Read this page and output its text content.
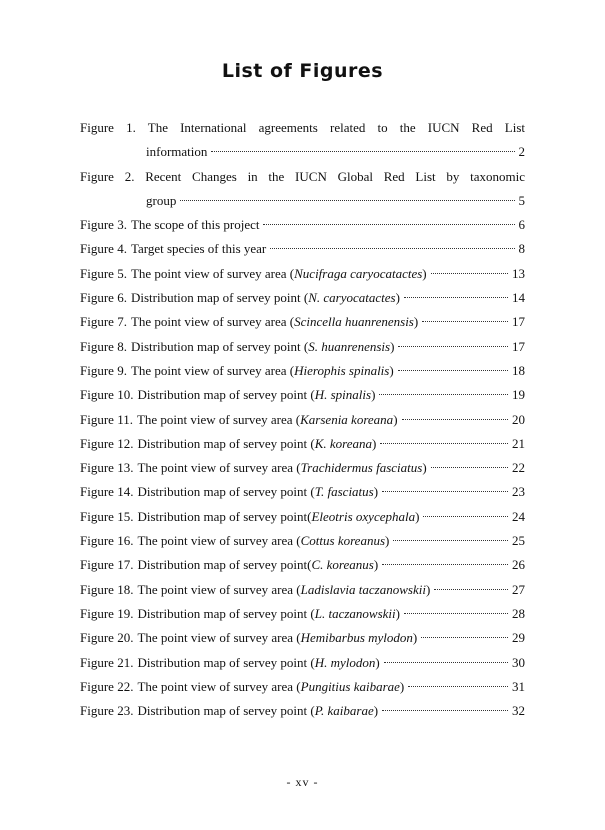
List of Figures
Figure 1. The International agreements related to the IUCN Red List
information	2
Figure 2. Recent Changes in the IUCN Global Red List by taxonomic
group	5
Figure 3. The scope of this project	6
Figure 4. Target species of this year	8
Figure 5. The point view of survey area (Nucifraga caryocatactes)	13
Figure 6. Distribution map of servey point (N. caryocatactes)	14
Figure 7. The point view of survey area (Scincella huanrenensis)	17
Figure 8. Distribution map of servey point (S. huanrenensis)	17
Figure 9. The point view of survey area (Hierophis spinalis)	18
Figure 10. Distribution map of servey point (H. spinalis)	19
Figure 11. The point view of survey area (Karsenia koreana)	20
Figure 12. Distribution map of servey point (K. koreana)	21
Figure 13. The point view of survey area (Trachidermus fasciatus)	22
Figure 14. Distribution map of servey point (T. fasciatus)	23
Figure 15. Distribution map of servey point(Eleotris oxycephala)	24
Figure 16. The point view of survey area (Cottus koreanus)	25
Figure 17. Distribution map of servey point(C. koreanus)	26
Figure 18. The point view of survey area (Ladislavia taczanowskii)	27
Figure 19. Distribution map of servey point (L. taczanowskii)	28
Figure 20. The point view of survey area (Hemibarbus mylodon)	29
Figure 21. Distribution map of servey point (H. mylodon)	30
Figure 22. The point view of survey area (Pungitius kaibarae)	31
Figure 23. Distribution map of servey point (P. kaibarae)	32
- xv -
